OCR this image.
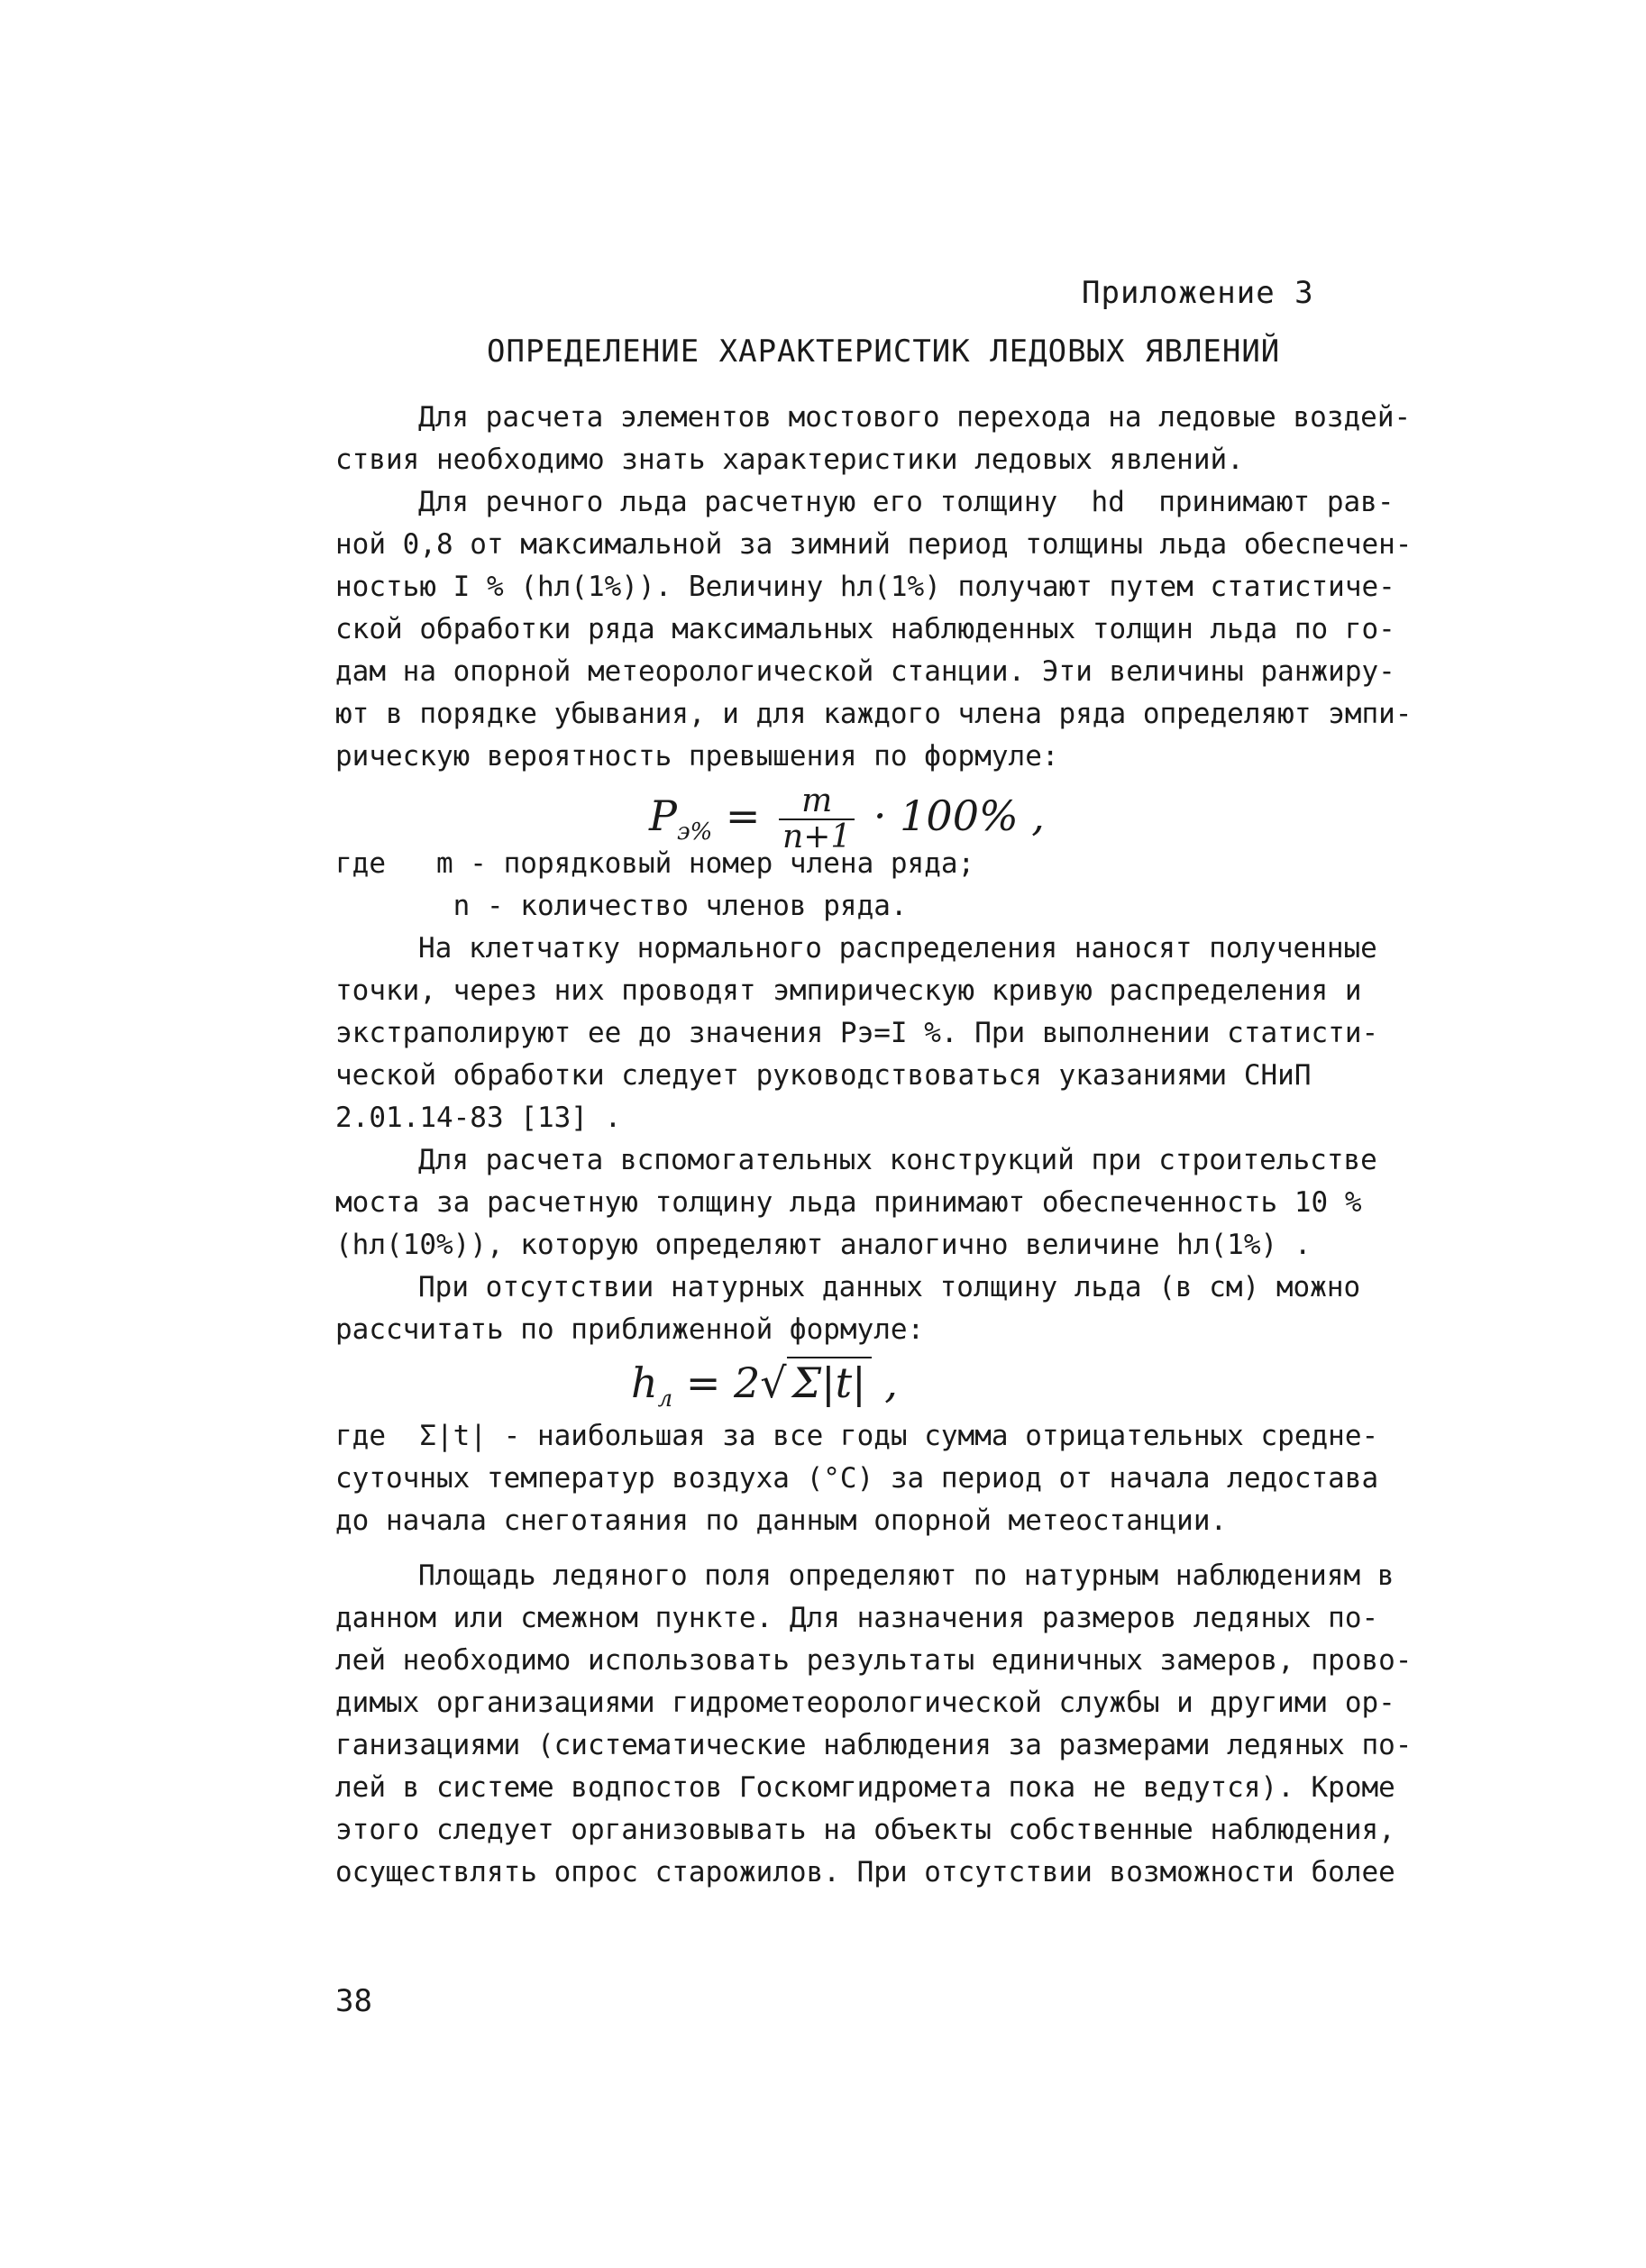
Приложение 3
ОПРЕДЕЛЕНИЕ ХАРАКТЕРИСТИК ЛЕДОВЫХ ЯВЛЕНИЙ
Для расчета элементов мостового перехода на ледовые воздей-
ствия необходимо знать характеристики ледовых явлений.
Для речного льда расчетную его толщину  hd  принимают рав-
ной 0,8 от максимальной за зимний период толщины льда обеспечен-
ностью I % (hл(1%)). Величину hл(1%) получают путем статистиче-
ской обработки ряда максимальных наблюденных толщин льда по го-
дам на опорной метеорологической станции. Эти величины ранжиру-
ют в порядке убывания, и для каждого члена ряда определяют эмпи-
рическую вероятность превышения по формуле:
$P_{э\%} = \frac{m}{n+1} \cdot 100\%$ ,
где   m - порядковый номер члена ряда;
n - количество членов ряда.
На клетчатку нормального распределения наносят полученные
точки, через них проводят эмпирическую кривую распределения и
экстраполируют ее до значения Рэ=I %. При выполнении статисти-
ческой обработки следует руководствоваться указаниями СНиП
2.01.14-83 [13] .
Для расчета вспомогательных конструкций при строительстве
моста за расчетную толщину льда принимают обеспеченность 10 %
(hл(10%)), которую определяют аналогично величине hл(1%) .
При отсутствии натурных данных толщину льда (в см) можно
рассчитать по приближенной формуле:
$h_л = 2√$ Σ|t| ,
где  Σ|t| - наибольшая за все годы сумма отрицательных средне-
суточных температур воздуха (°C) за период от начала ледостава
до начала снеготаяния по данным опорной метеостанции.
Площадь ледяного поля определяют по натурным наблюдениям в
данном или смежном пункте. Для назначения размеров ледяных по-
лей необходимо использовать результаты единичных замеров, прово-
димых организациями гидрометеорологической службы и другими ор-
ганизациями (систематические наблюдения за размерами ледяных по-
лей в системе водпостов Госкомгидромета пока не ведутся). Кроме
этого следует организовывать на объекты собственные наблюдения,
осуществлять опрос старожилов. При отсутствии возможности более
38
